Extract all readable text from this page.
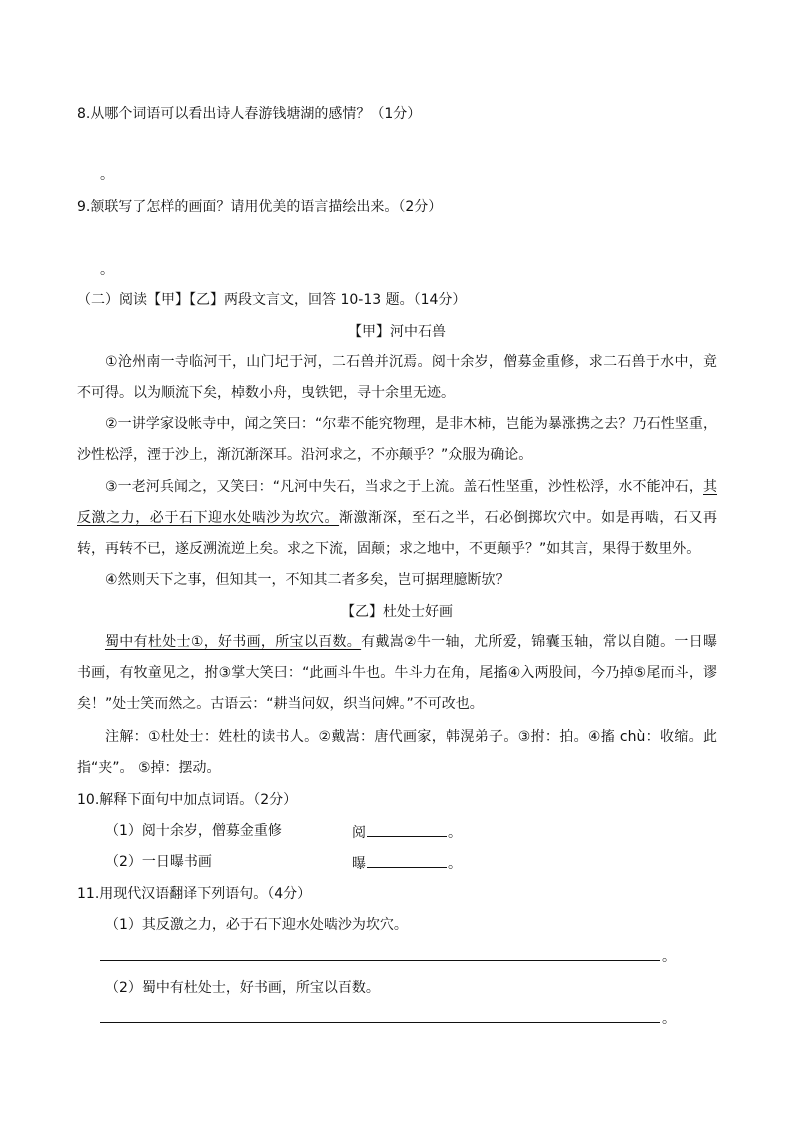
8.从哪个词语可以看出诗人春游钱塘湖的感情？（1分）
。
9.颔联写了怎样的画面？请用优美的语言描绘出来。（2分）
。
（二）阅读【甲】【乙】两段文言文，回答 10-13 题。（14分）
【甲】河中石兽

①沧州南一寺临河干，山门圮于河，二石兽并沉焉。阅十余岁，僧募金重修，求二石兽于水中，竟不可得。以为顺流下矣，棹数小舟，曳铁钯，寻十余里无迹。

②一讲学家设帐寺中，闻之笑曰：“尔辈不能究物理，是非木柿，岂能为暴涨携之去？乃石性坚重，沙性松浮，湮于沙上，渐沉渐深耳。沿河求之，不亦颠乎？”众服为确论。

③一老河兵闻之，又笑曰：“凡河中失石，当求之于上流。盖石性坚重，沙性松浮，水不能冲石，其反激之力，必于石下迎水处啮沙为坎穴。渐激渐深，至石之半，石必倒掷坎穴中。如是再啮，石又再转，再转不已，遂反溯流逆上矣。求之下流，固颠；求之地中，不更颠乎？”如其言，果得于数里外。

④然则天下之事，但知其一，不知其二者多矣，岂可据理臆断欤？

【乙】杜处士好画

蜀中有杜处士①，好书画，所宝以百数。有戴嵩②牛一轴，尤所爱，锦囊玉轴，常以自随。一日曝书画，有牧童见之，拊③掌大笑曰：“此画斗牛也。牛斗力在角，尾搐④入两股间，今乃掉⑤尾而斗，谬矣！”处士笑而然之。古语云：“耕当问奴，织当问婢。”不可改也。

注解：①杜处士：姓杜的读书人。②戴嵩：唐代画家，韩滉弟子。③拊：拍。④搐 chù：收缩。此指“夹”。 ⑤掉：摆动。

10.解释下面句中加点词语。（2分）
（1）阅十余岁，僧募金重修	阅	。
（2）一日曝书画	曝	。
11.用现代汉语翻译下列语句。（4分）
（1）其反激之力，必于石下迎水处啮沙为坎穴。
。
（2）蜀中有杜处士，好书画，所宝以百数。
。
